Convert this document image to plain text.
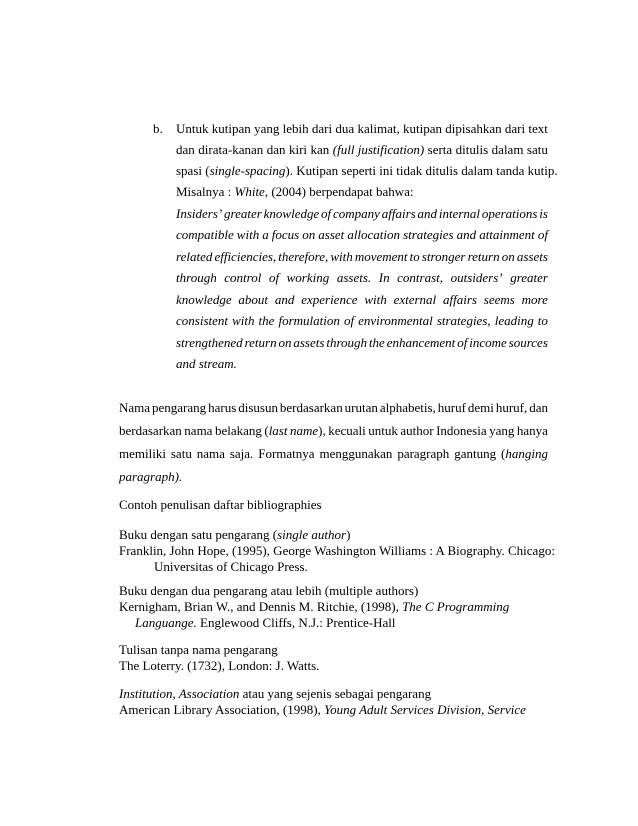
b. Untuk kutipan yang lebih dari dua kalimat, kutipan dipisahkan dari text
dan dirata-kanan dan kiri kan (full justification) serta ditulis dalam satu
spasi (single-spacing). Kutipan seperti ini tidak ditulis dalam tanda kutip.
Misalnya : White, (2004) berpendapat bahwa:
Insiders’ greater knowledge of company affairs and internal operations is
compatible with a focus on asset allocation strategies and attainment of
related efficiencies, therefore, with movement to stronger return on assets
through control of working assets. In contrast, outsiders’ greater
knowledge about and experience with external affairs seems more
consistent with the formulation of environmental strategies, leading to
strengthened return on assets through the enhancement of income sources
and stream.
Nama pengarang harus disusun berdasarkan urutan alphabetis, huruf demi huruf, dan
berdasarkan nama belakang (last name), kecuali untuk author Indonesia yang hanya
memiliki satu nama saja. Formatnya menggunakan paragraph gantung (hanging
paragraph).
Contoh penulisan daftar bibliographies
Buku dengan satu pengarang (single author)
Franklin, John Hope, (1995), George Washington Williams : A Biography. Chicago:
Universitas of Chicago Press.
Buku dengan dua pengarang atau lebih (multiple authors)
Kernigham, Brian W., and Dennis M. Ritchie, (1998), The C Programming
Languange. Englewood Cliffs, N.J.: Prentice-Hall
Tulisan tanpa nama pengarang
The Loterry. (1732), London: J. Watts.
Institution, Association atau yang sejenis sebagai pengarang
American Library Association, (1998), Young Adult Services Division, Service
